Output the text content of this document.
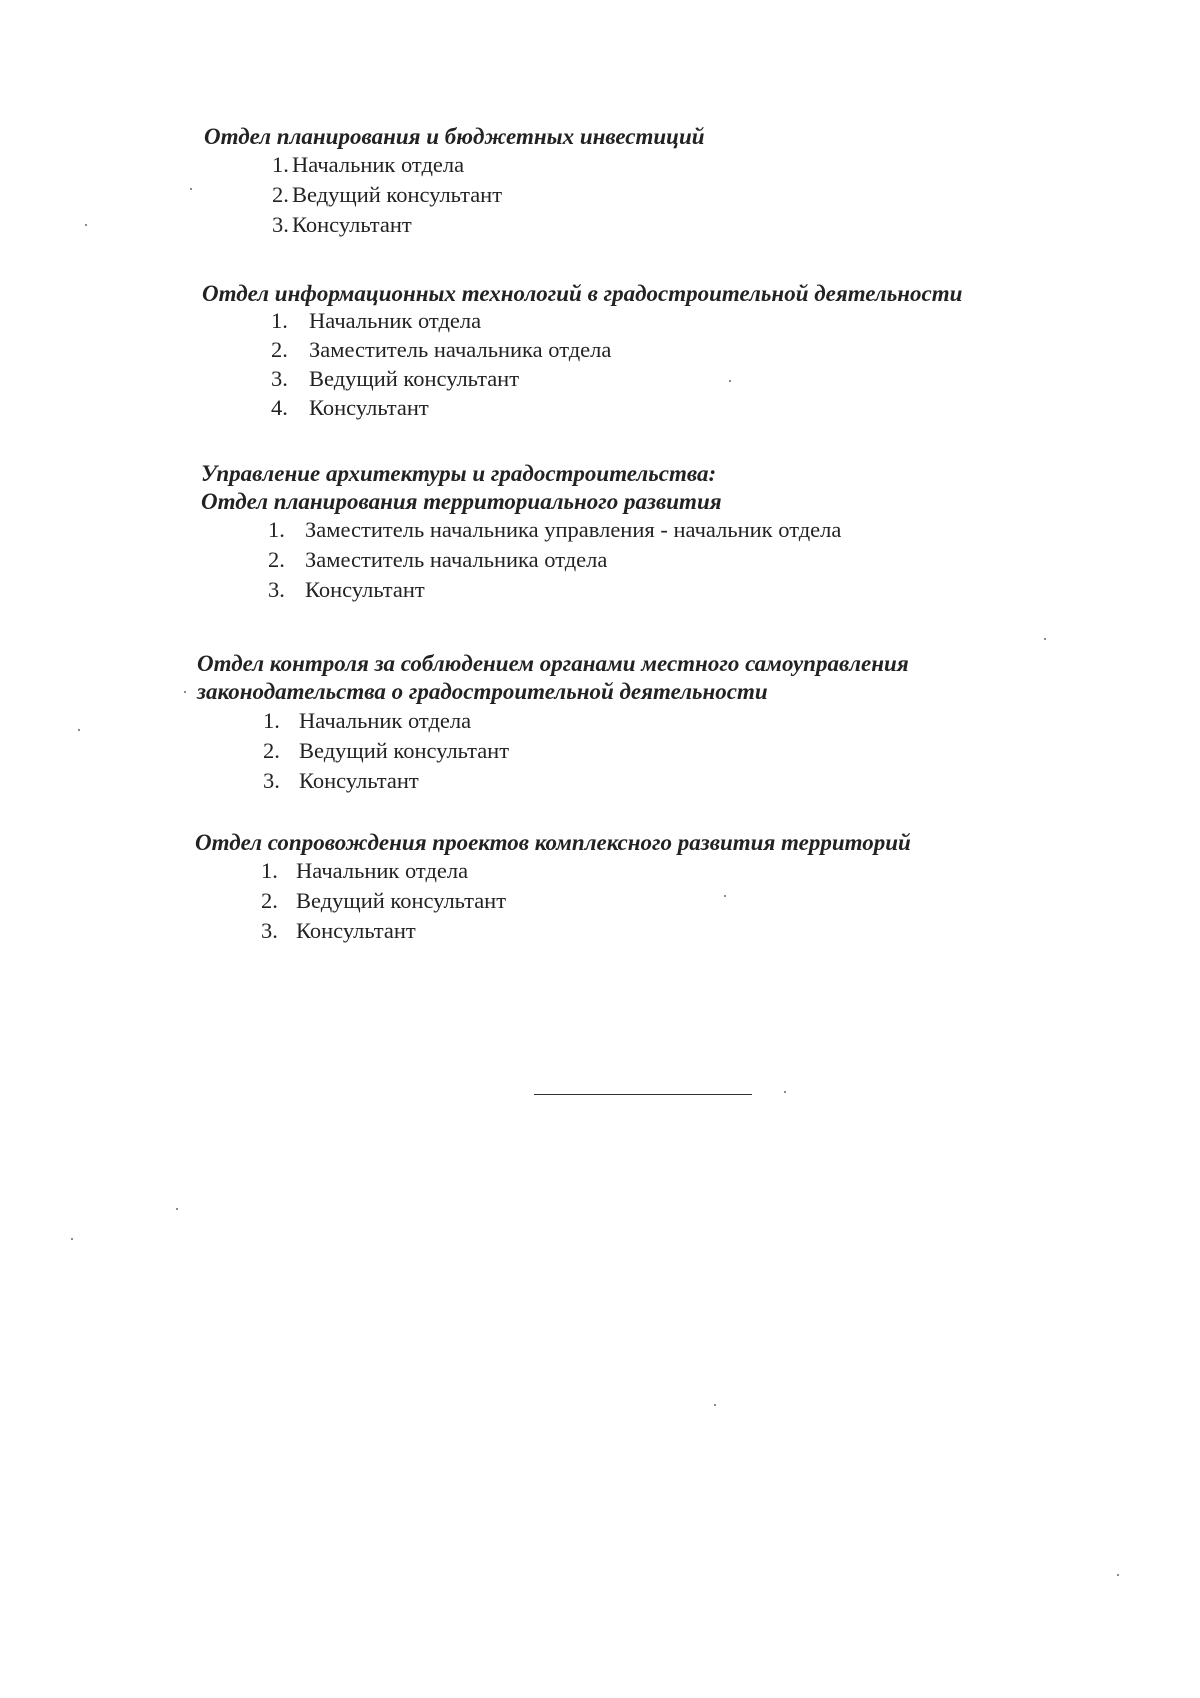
Отдел планирования и бюджетных инвестиций

1. Начальник отдела
2. Ведущий консультант
3. Консультант

Отдел информационных технологий в градостроительной деятельности

1. Начальник отдела
2. Заместитель начальника отдела
3. Ведущий консультант
4. Консультант

Управление архитектуры и градостроительства:

Отдел планирования территориального развития

1. Заместитель начальника управления - начальник отдела
2. Заместитель начальника отдела
3. Консультант

Отдел контроля за соблюдением органами местного самоуправления

законодательства о градостроительной деятельности

1. Начальник отдела
2. Ведущий консультант
3. Консультант

Отдел сопровождения проектов комплексного развития территорий

1. Начальник отдела
2. Ведущий консультант
3. Консультант
